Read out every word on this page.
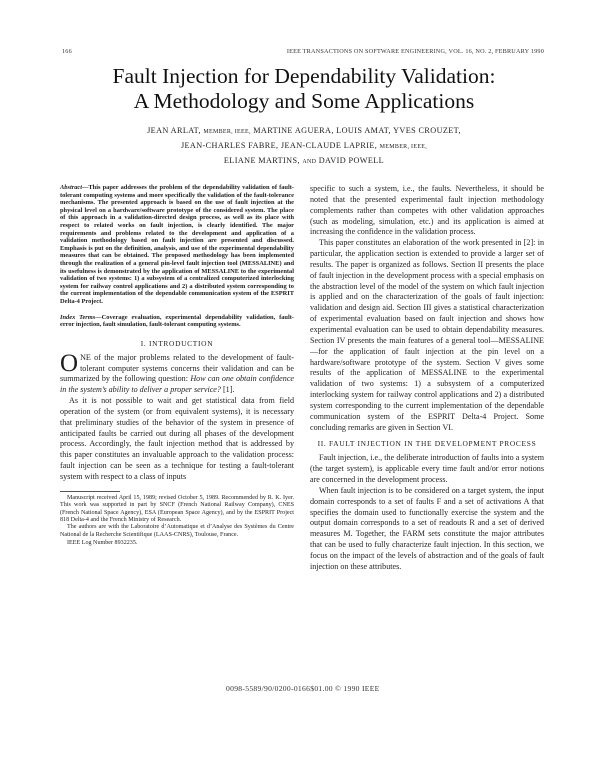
166	IEEE TRANSACTIONS ON SOFTWARE ENGINEERING, VOL. 16, NO. 2, FEBRUARY 1990
Fault Injection for Dependability Validation:
A Methodology and Some Applications
JEAN ARLAT, MEMBER, IEEE, MARTINE AGUERA, LOUIS AMAT, YVES CROUZET,
JEAN-CHARLES FABRE, JEAN-CLAUDE LAPRIE, MEMBER, IEEE,
ELIANE MARTINS, AND DAVID POWELL

Abstract—This paper addresses the problem of the dependability validation of fault-tolerant computing systems and more specifically the validation of the fault-tolerance mechanisms. The presented approach is based on the use of fault injection at the physical level on a hardware/software prototype of the considered system. The place of this approach in a validation-directed design process, as well as its place with respect to related works on fault injection, is clearly identified. The major requirements and problems related to the development and application of a validation methodology based on fault injection are presented and discussed. Emphasis is put on the definition, analysis, and use of the experimental dependability measures that can be obtained. The proposed methodology has been implemented through the realization of a general pin-level fault injection tool (MESSALINE) and its usefulness is demonstrated by the application of MESSALINE to the experimental validation of two systems: 1) a subsystem of a centralized computerized interlocking system for railway control applications and 2) a distributed system corresponding to the current implementation of the dependable communication system of the ESPRIT Delta-4 Project.

Index Terms—Coverage evaluation, experimental dependability validation, fault-error injection, fault simulation, fault-tolerant computing systems.

I. INTRODUCTION

ONE of the major problems related to the development of fault-tolerant computer systems concerns their validation and can be summarized by the following question: How can one obtain confidence in the system’s ability to deliver a proper service? [1].

As it is not possible to wait and get statistical data from field operation of the system (or from equivalent systems), it is necessary that preliminary studies of the behavior of the system in presence of anticipated faults be carried out during all phases of the development process. Accordingly, the fault injection method that is addressed by this paper constitutes an invaluable approach to the validation process: fault injection can be seen as a technique for testing a fault-tolerant system with respect to a class of inputs

Manuscript received April 15, 1989; revised October 5, 1989. Recommended by R. K. Iyer. This work was supported in part by SNCF (French National Railway Company), CNES (French National Space Agency), ESA (European Space Agency), and by the ESPRIT Project 818 Delta-4 and the French Ministry of Research.

The authors are with the Laboratoire d’Automatique et d’Analyse des Systèmes du Centre National de la Recherche Scientifique (LAAS-CNRS), Toulouse, France.

IEEE Log Number 8932235.

specific to such a system, i.e., the faults. Nevertheless, it should be noted that the presented experimental fault injection methodology complements rather than competes with other validation approaches (such as modeling, simulation, etc.) and its application is aimed at increasing the confidence in the validation process.

This paper constitutes an elaboration of the work presented in [2]: in particular, the application section is extended to provide a larger set of results. The paper is organized as follows. Section II presents the place of fault injection in the development process with a special emphasis on the abstraction level of the model of the system on which fault injection is applied and on the characterization of the goals of fault injection: validation and design aid. Section III gives a statistical characterization of experimental evaluation based on fault injection and shows how experimental evaluation can be used to obtain dependability measures. Section IV presents the main features of a general tool—MESSALINE—for the application of fault injection at the pin level on a hardware/software prototype of the system. Section V gives some results of the application of MESSALINE to the experimental validation of two systems: 1) a subsystem of a computerized interlocking system for railway control applications and 2) a distributed system corresponding to the current implementation of the dependable communication system of the ESPRIT Delta-4 Project. Some concluding remarks are given in Section VI.

II. FAULT INJECTION IN THE DEVELOPMENT PROCESS

Fault injection, i.e., the deliberate introduction of faults into a system (the target system), is applicable every time fault and/or error notions are concerned in the development process.

When fault injection is to be considered on a target system, the input domain corresponds to a set of faults F and a set of activations A that specifies the domain used to functionally exercise the system and the output domain corresponds to a set of readouts R and a set of derived measures M. Together, the FARM sets constitute the major attributes that can be used to fully characterize fault injection. In this section, we focus on the impact of the levels of abstraction and of the goals of fault injection on these attributes.

0098-5589/90/0200-0166$01.00 © 1990 IEEE
